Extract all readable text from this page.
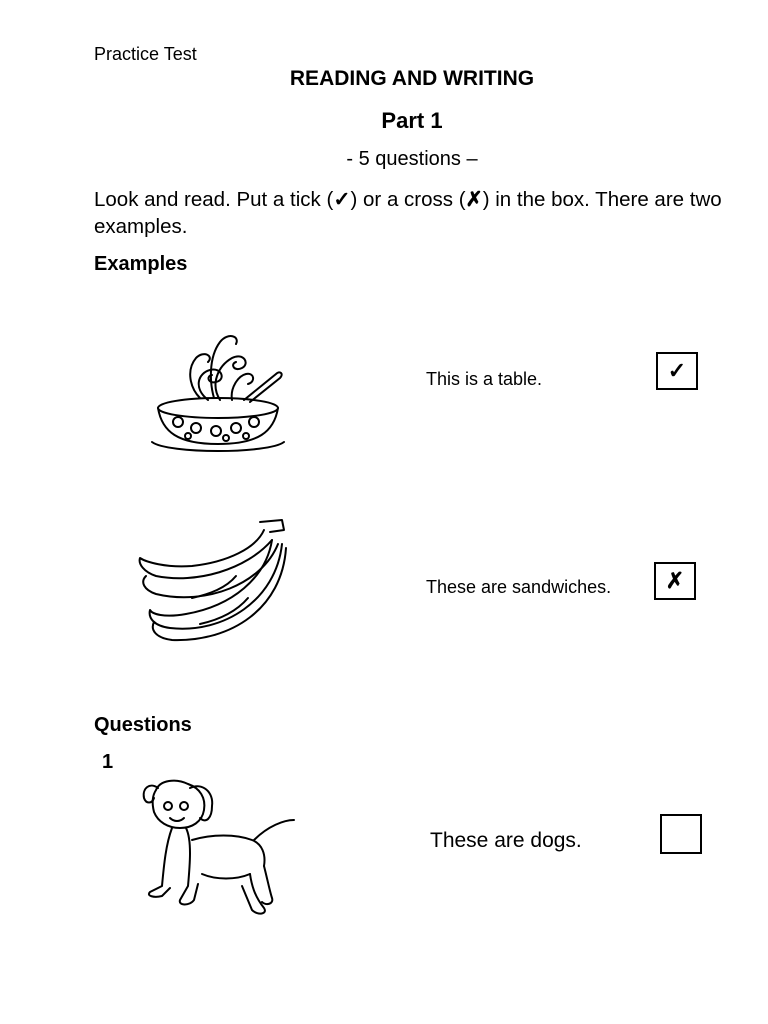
Practice Test
READING AND WRITING
Part 1
- 5 questions –
Look and read. Put a tick (✓) or a cross (✗) in the box. There are two examples.
Examples
This is a table.	✓
These are sandwiches.	✗
Questions
1
These are dogs.
